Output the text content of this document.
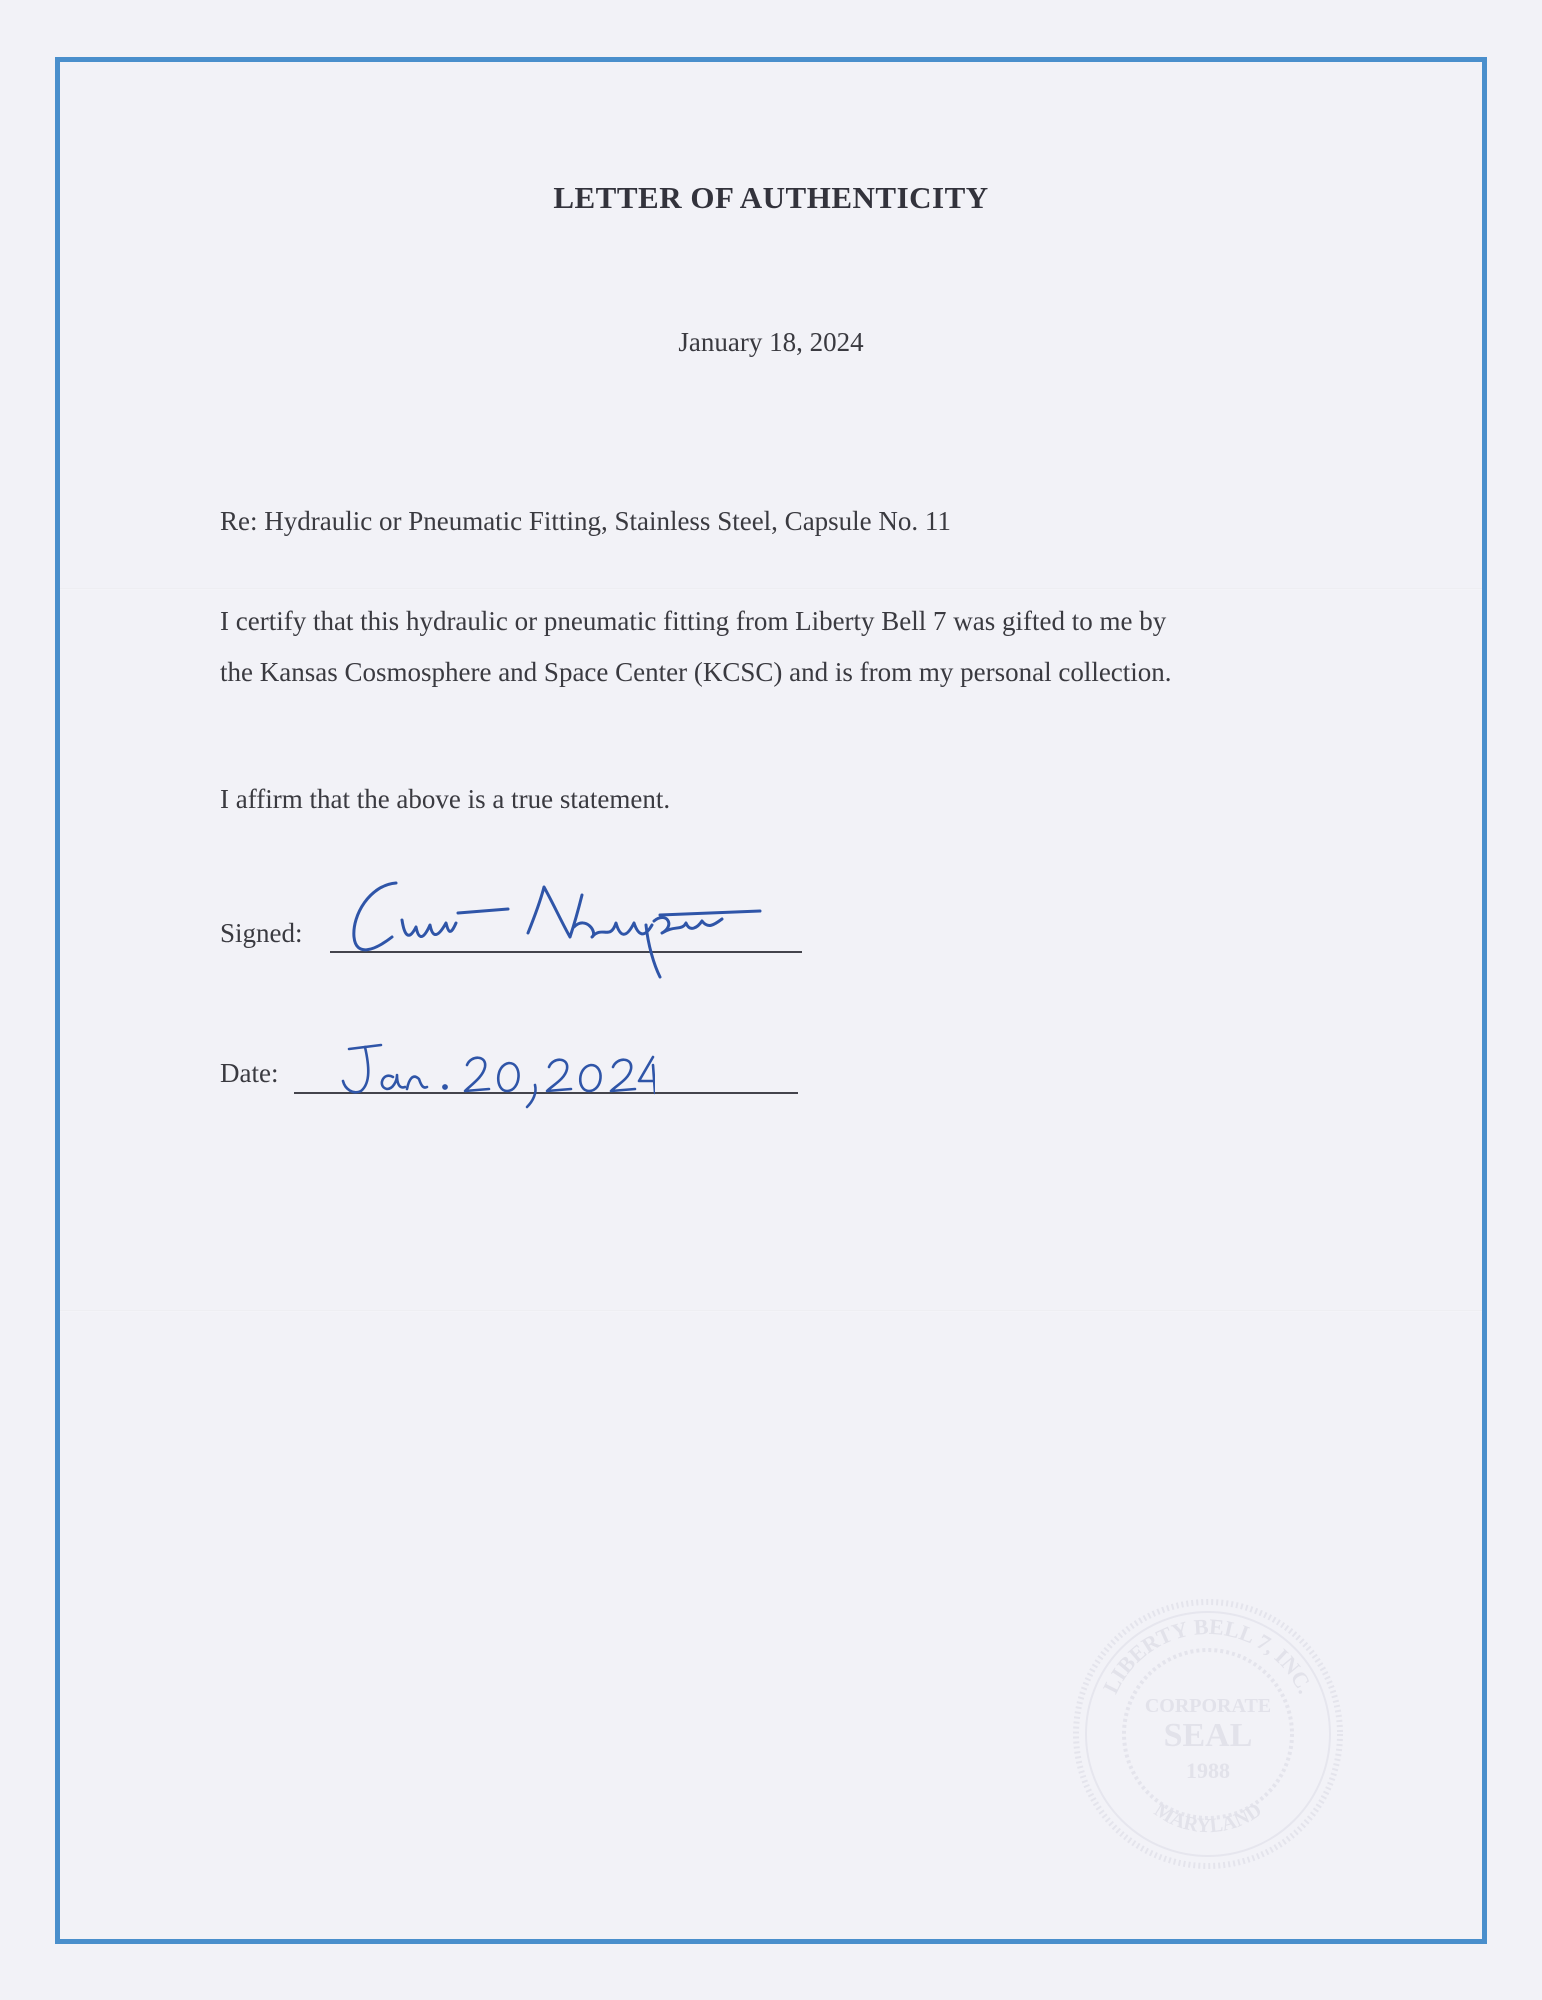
LETTER OF AUTHENTICITY
January 18, 2024
Re: Hydraulic or Pneumatic Fitting, Stainless Steel, Capsule No. 11
I certify that this hydraulic or pneumatic fitting from Liberty Bell 7 was gifted to me by
the Kansas Cosmosphere and Space Center (KCSC) and is from my personal collection.
I affirm that the above is a true statement.
Signed:
Date:
LIBERTY BELL 7, INC.
MARYLAND
CORPORATE
SEAL
1988
